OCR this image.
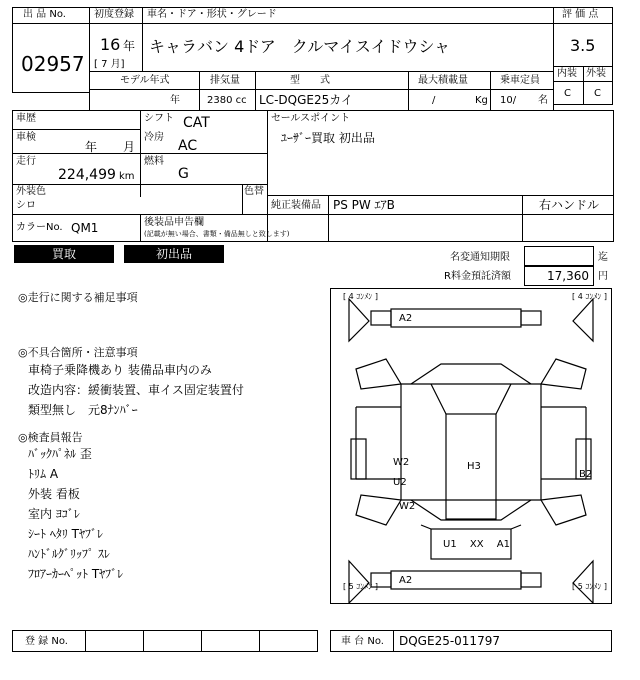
出 品 No.
02957
初度登録
16 年
[ 7 月]
車名・ドア・形状・グレード
キャラバン 4ドア　クルマイスイドウシャ
評 価 点
3.5
内装 外装
C C
モデル年式
年
排気量
2380 cc
型　　式
LC-DQGE25カイ
最大積載量
/	Kg
乗車定員
10/ 名
車歴	シフト CAT
車検
年 月
冷房
AC
走行
224,499 km
燃料
G
外装色
シロ
色替
カラーNo. QM1	後装品申告欄
(記載が無い場合、書類・備品無しと致します)
セールスポイント
ﾕｰｻﾞｰ買取 初出品
純正装備品 PS PW ｴｱB	右ハンドル
買取	初出品	名変通知期限	迄
R料金預託済額	17,360 円
◎走行に関する補足事項
◎不具合箇所・注意事項
車椅子乗降機あり 装備品車内のみ
改造内容：緩衝装置、車イス固定装置付
類型無し　元8ﾅﾝﾊﾞｰ
◎検査員報告
ﾊﾞｯｸﾊﾟﾈﾙ 歪
ﾄﾘﾑ A
外装 看板
室内 ﾖｺﾞﾚ
ｼｰﾄ ﾍﾀﾘ Tﾔﾌﾞﾚ
ﾊﾝﾄﾞﾙｸﾞﾘｯﾌﾟ ｽﾚ
ﾌﾛｱｰｶｰﾍﾟｯﾄ Tﾔﾌﾞﾚ
[ 4 ｺﾝﾒﾝ ]	[ 4 ｺﾝﾒﾝ ]
[ 5 ｺﾝﾒﾝ ]	[ 5 ｺﾝﾒﾝ ]
A2
A2
H3
W2
U2
W2
B2
U1　 XX 　A1
登 録 No.	車 台 No. DQGE25-011797
